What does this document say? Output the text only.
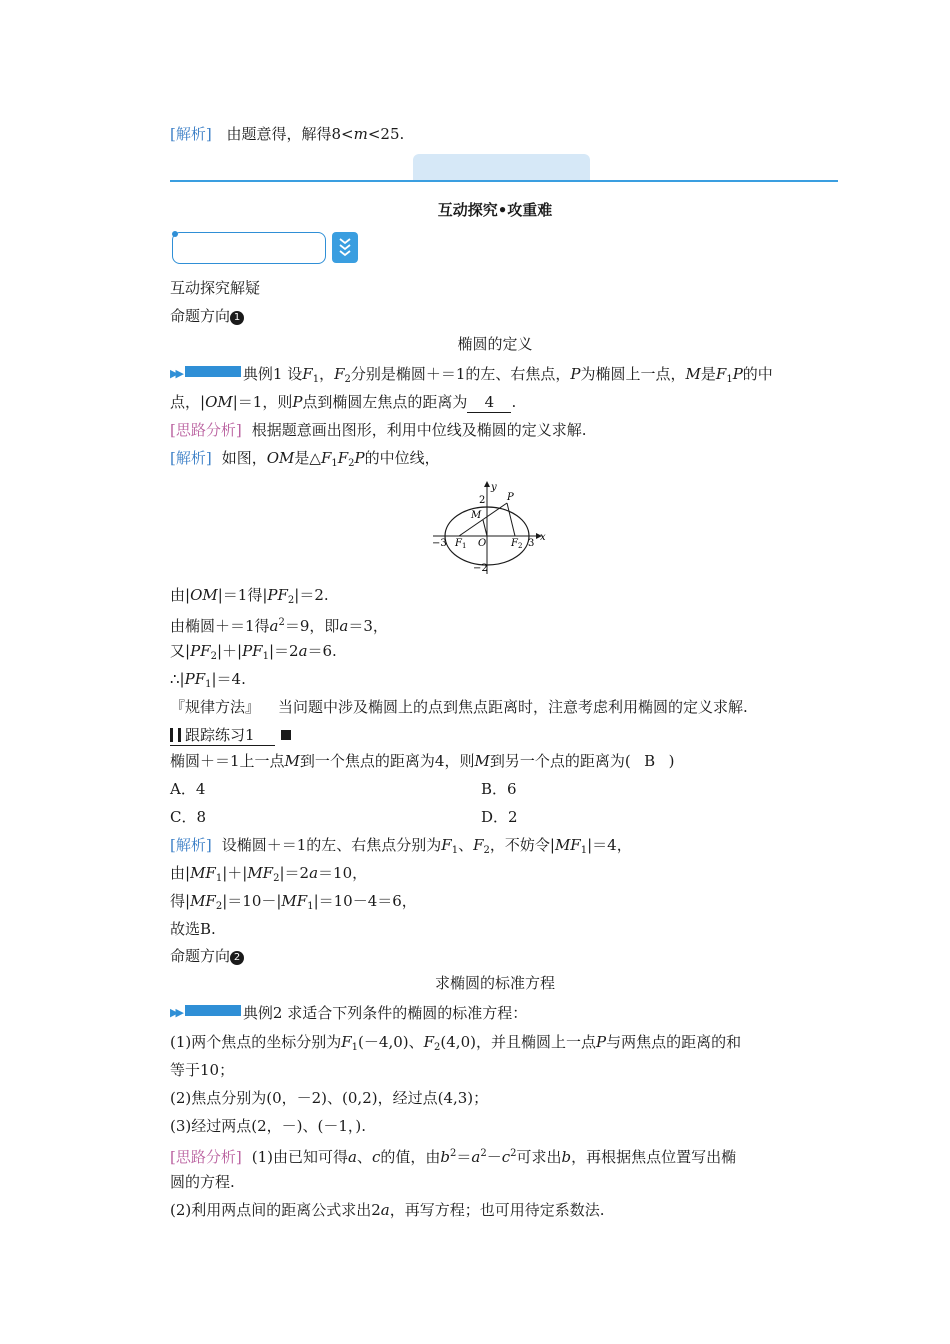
[解析] 由题意得，解得8<m<25.
互动探究•攻重难
互动探究解疑
命题方向 1
椭圆的定义
▶▶	典例1 设$F_1$，$F_2$分别是椭圆＋＝1的左、右焦点，P为椭圆上一点，M是$F_1P$的中
点，|OM|＝1，则P点到椭圆左焦点的距离为 4 .
[思路分析] 根据题意画出图形，利用中位线及椭圆的定义求解.
[解析] 如图，OM是$\triangle F_1F_2P$的中位线，
y
x
2
−2
−3	3
O
M
P
$F_1$	$F_2$
由|OM|＝1得$|PF_2|=2$.
由椭圆＋＝1得$a^2=9$，即a＝3，
又$|PF_2|+|PF_1|=2a=6$.
$\therefore|PF_1|=4$.
『规律方法』 当问题中涉及椭圆上的点到焦点距离时，注意考虑利用椭圆的定义求解.
跟踪练习1
椭圆＋＝1上一点M到一个焦点的距离为4，则M到另一个点的距离为( B )
A．4	B．6
C．8	D．2
[解析] 设椭圆＋＝1的左、右焦点分别为$F_1$、$F_2$，不妨令$|MF_1|=4$，
由$|MF_1|+|MF_2|=2a=10$，
得$|MF_2|=10-|MF_1|=10-4=6$，
故选B.
命题方向 2
求椭圆的标准方程
▶▶	典例2 求适合下列条件的椭圆的标准方程：
(1)两个焦点的坐标分别为$F_1(-4,0)$、$F_2(4,0)$，并且椭圆上一点P与两焦点的距离的和
等于10；
(2)焦点分别为(0，－2)、(0,2)，经过点(4,3)；
(3)经过两点(2，－)、(－1，).
[思路分析] (1)由已知可得a、c的值，由$b^2=a^2-c^2$可求出b，再根据焦点位置写出椭
圆的方程.
(2)利用两点间的距离公式求出2a，再写方程；也可用待定系数法.
